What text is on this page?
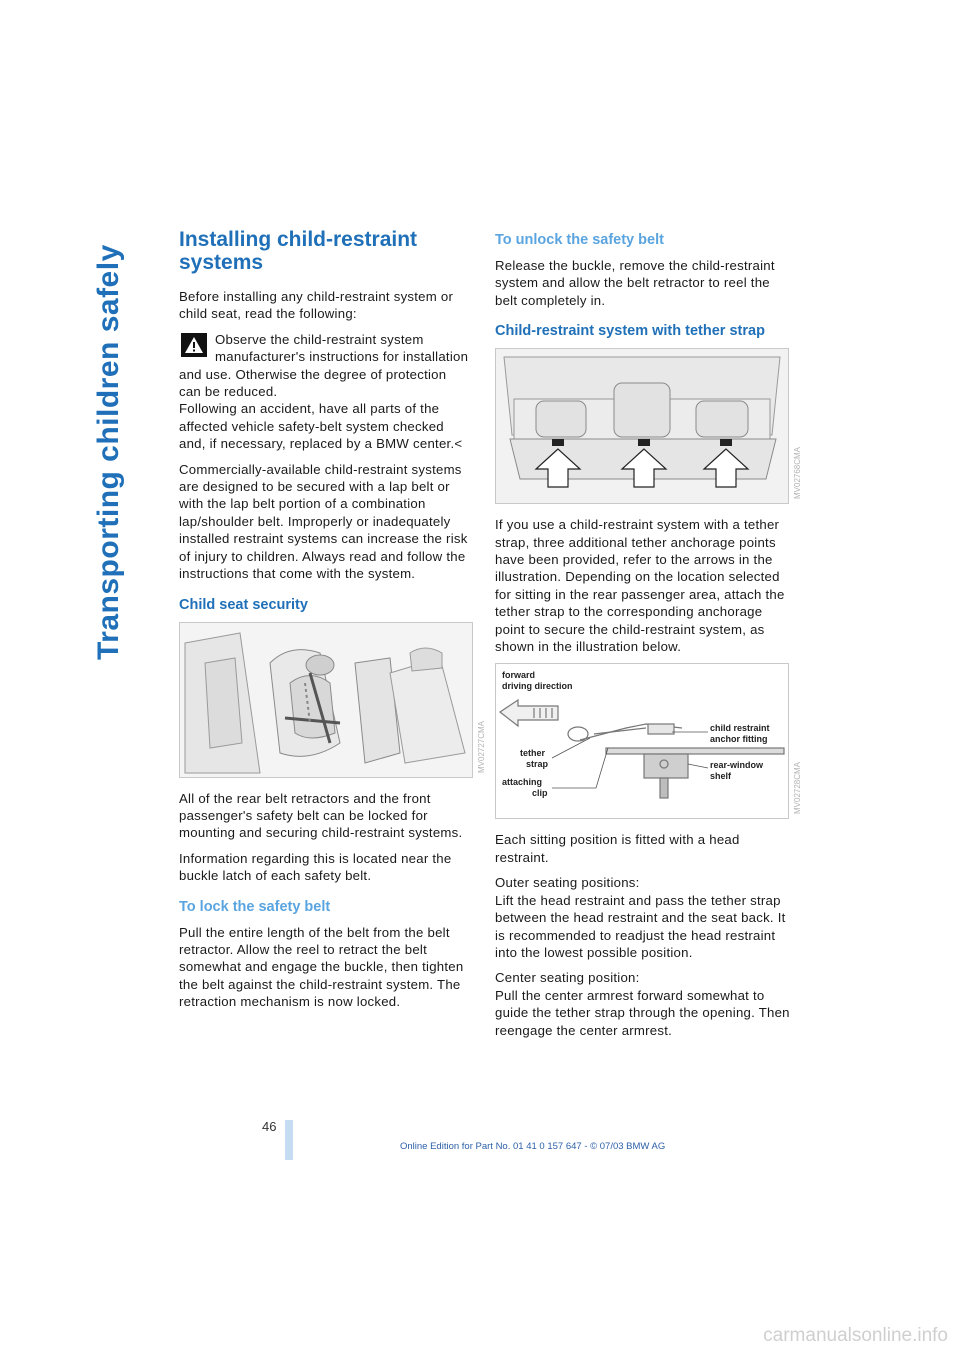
Transporting children safely
Installing child-restraint systems

Before installing any child-restraint system or child seat, read the following:

Observe the child-restraint system manufacturer's instructions for installation and use. Otherwise the degree of protection can be reduced.

Following an accident, have all parts of the affected vehicle safety-belt system checked and, if necessary, replaced by a BMW center.<

Commercially-available child-restraint systems are designed to be secured with a lap belt or with the lap belt portion of a combination lap/shoulder belt. Improperly or inadequately installed restraint systems can increase the risk of injury to children. Always read and follow the instructions that come with the system.

Child seat security
MV02727CMA

All of the rear belt retractors and the front passenger's safety belt can be locked for mounting and securing child-restraint systems.

Information regarding this is located near the buckle latch of each safety belt.

To lock the safety belt

Pull the entire length of the belt from the belt retractor. Allow the reel to retract the belt somewhat and engage the buckle, then tighten the belt against the child-restraint system. The retraction mechanism is now locked.

To unlock the safety belt

Release the buckle, remove the child-restraint system and allow the belt retractor to reel the belt completely in.

Child-restraint system with tether strap
MV02768CMA

If you use a child-restraint system with a tether strap, three additional tether anchorage points have been provided, refer to the arrows in the illustration. Depending on the location selected for sitting in the rear passenger area, attach the tether strap to the corresponding anchorage point to secure the child-restraint system, as shown in the illustration below.

forward
driving direction
child restraint
anchor fitting
tether
strap	rear-window
shelf
attaching
clip	MV02728CMA

Each sitting position is fitted with a head restraint.

Outer seating positions:
Lift the head restraint and pass the tether strap between the head restraint and the seat back. It is recommended to readjust the head restraint into the lowest possible position.

Center seating position:
Pull the center armrest forward somewhat to guide the tether strap through the opening. Then reengage the center armrest.

46
Online Edition for Part No. 01 41 0 157 647 - © 07/03 BMW AG
carmanualsonline.info
